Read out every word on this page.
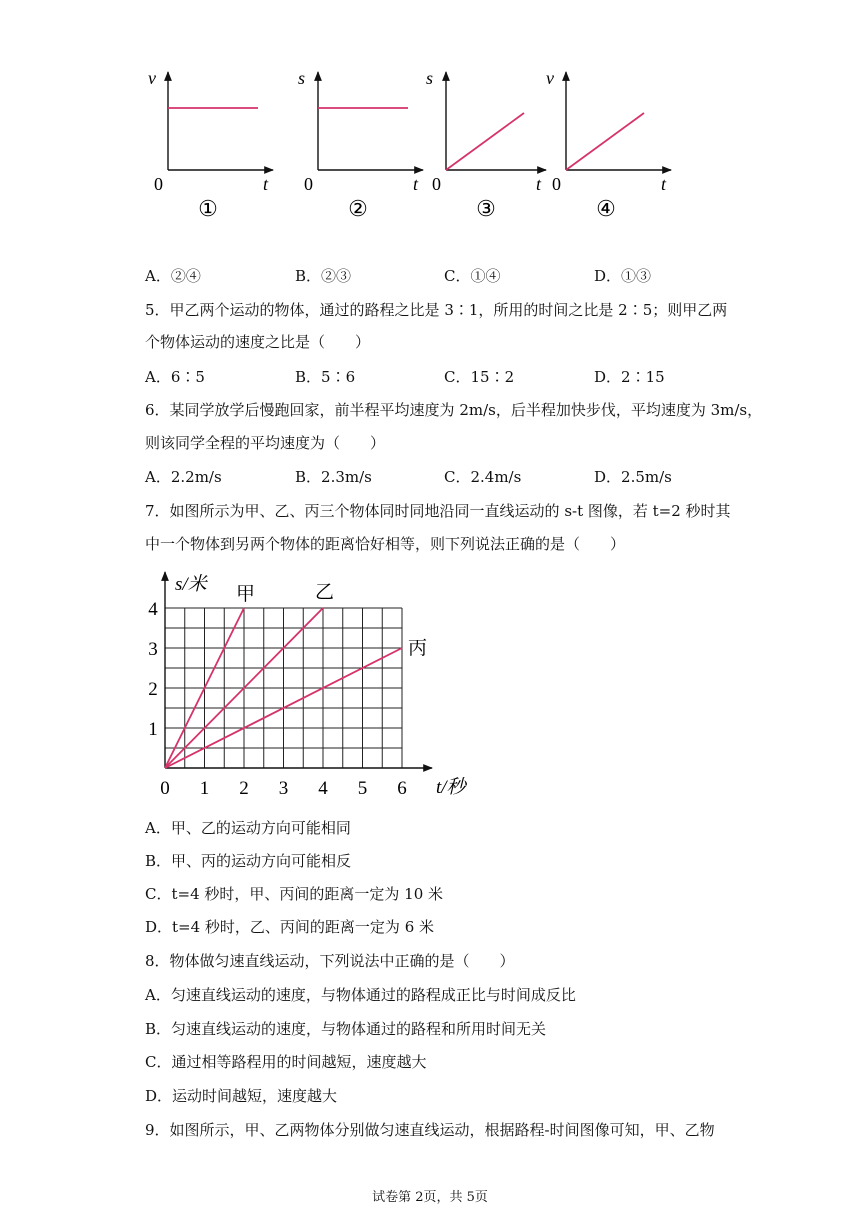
v
t
0
①
s
t
0
②
s
t
0
③
v
t
0
④
A．②④	B．②③	C．①④	D．①③
5．甲乙两个运动的物体，通过的路程之比是 3∶1，所用的时间之比是 2∶5；则甲乙两
个物体运动的速度之比是（　　）
A．6∶5	B．5∶6	C．15∶2	D．2∶15
6．某同学放学后慢跑回家，前半程平均速度为 2m/s，后半程加快步伐，平均速度为 3m/s，
则该同学全程的平均速度为（　　）
A．2.2m/s	B．2.3m/s	C．2.4m/s	D．2.5m/s
7．如图所示为甲、乙、丙三个物体同时同地沿同一直线运动的 s-t 图像，若 t=2 秒时其
中一个物体到另两个物体的距离恰好相等，则下列说法正确的是（　　）
0 1 2 3 4 5 6
1
2
3
4
s/米
t/秒
甲	乙
丙
A．甲、乙的运动方向可能相同
B．甲、丙的运动方向可能相反
C．t=4 秒时，甲、丙间的距离一定为 10 米
D．t=4 秒时，乙、丙间的距离一定为 6 米
8．物体做匀速直线运动，下列说法中正确的是（　　）
A．匀速直线运动的速度，与物体通过的路程成正比与时间成反比
B．匀速直线运动的速度，与物体通过的路程和所用时间无关
C．通过相等路程用的时间越短，速度越大
D．运动时间越短，速度越大
9．如图所示，甲、乙两物体分别做匀速直线运动，根据路程-时间图像可知，甲、乙物
试卷第 2页，共 5页
